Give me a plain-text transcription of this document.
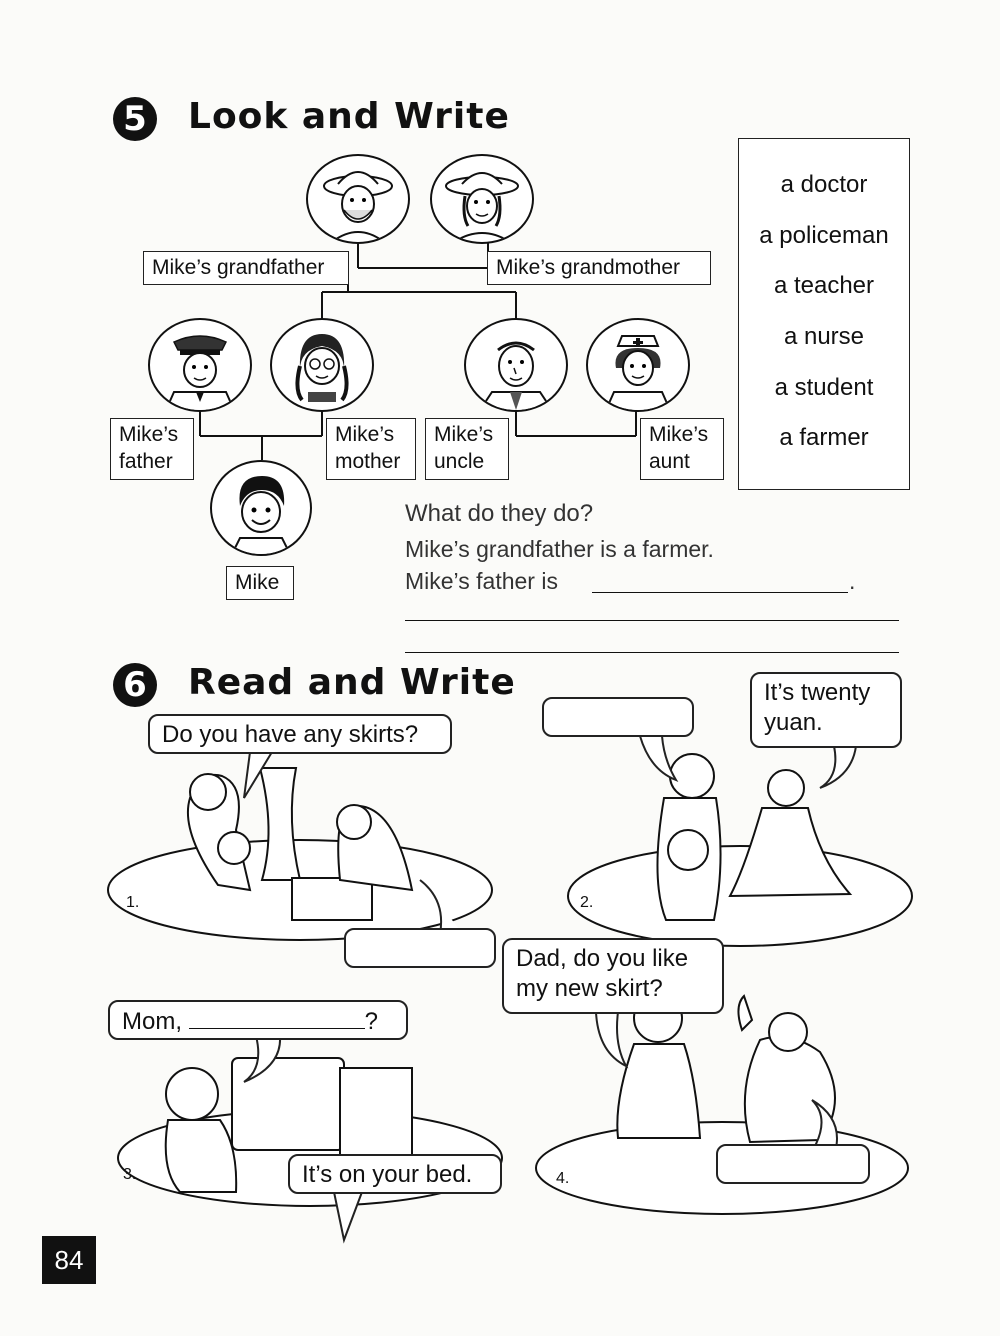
5 Look and Write
Mike’s grandfather	Mike’s grandmother
Mike’s
father
Mike’s
mother
Mike’s
uncle
Mike’s
aunt
Mike
a doctor
a policeman
a teacher
a nurse
a student
a farmer
What do they do?
Mike’s grandfather is a farmer.
Mike’s father is	.
6 Read and Write
1.	2.
3.	4.
Do you have any skirts?
It’s twenty
yuan.
Mom,	?
It’s on your bed.
Dad, do you like
my new skirt?
84
